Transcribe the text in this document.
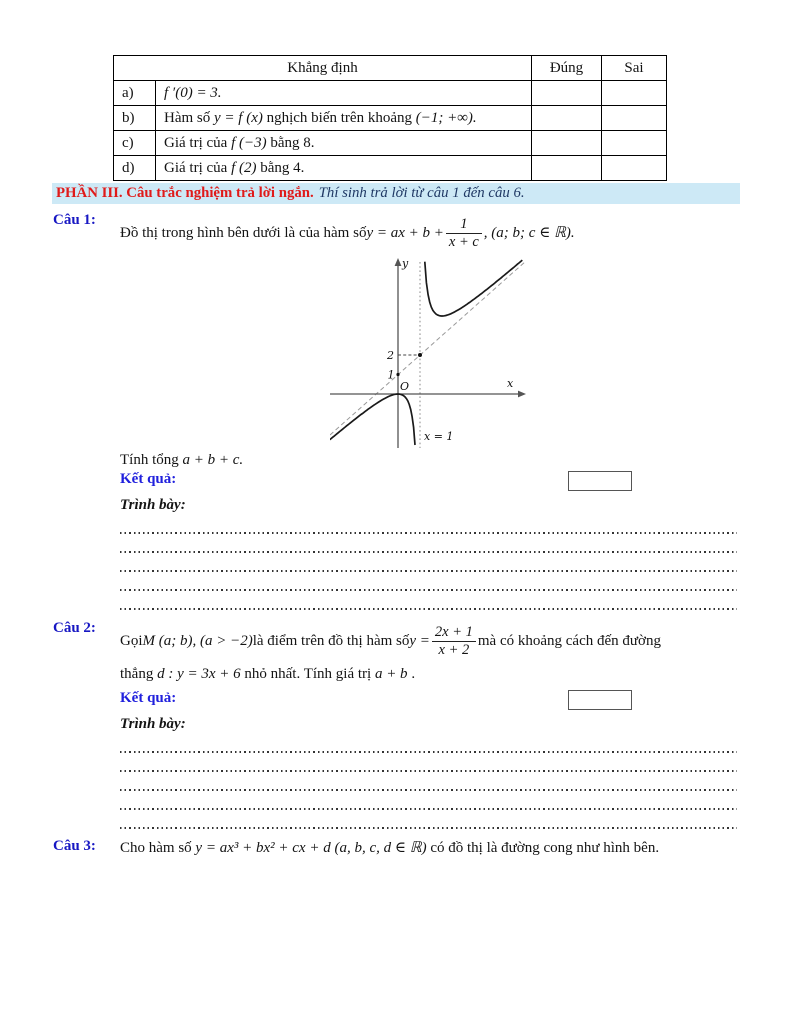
Khẳng định		Đúng	Sai
a)	f ′(0) = 3.		
b)	Hàm số y = f (x) nghịch biến trên khoảng (−1; +∞).		
c)	Giá trị của f (−3) bằng 8.		
d)	Giá trị của f (2) bằng 4.		
PHẦN III. Câu trắc nghiệm trả lời ngắn. Thí sinh trả lời từ câu 1 đến câu 6.
Câu 1:
Đồ thị trong hình bên dưới là của hàm số y = ax + $b + \frac{1}{x + c}$ , (a; b; c ∈ ℝ).
y
x
O
2
1
x = 1
Tính tổng a + b + c.
Kết quả:
Trình bày:
Câu 2:
Gọi M (a; b), (a > −2) là điểm trên đồ thị hàm số $y = \frac{2x + 1}{x + 2}$ mà có khoảng cách đến đường
thẳng d : y = 3x + 6 nhỏ nhất. Tính giá trị a + b .
Kết quả:
Trình bày:
Câu 3:	Cho hàm số y = ax³ + bx² + cx + d (a, b, c, d ∈ ℝ) có đồ thị là đường cong như hình bên.
